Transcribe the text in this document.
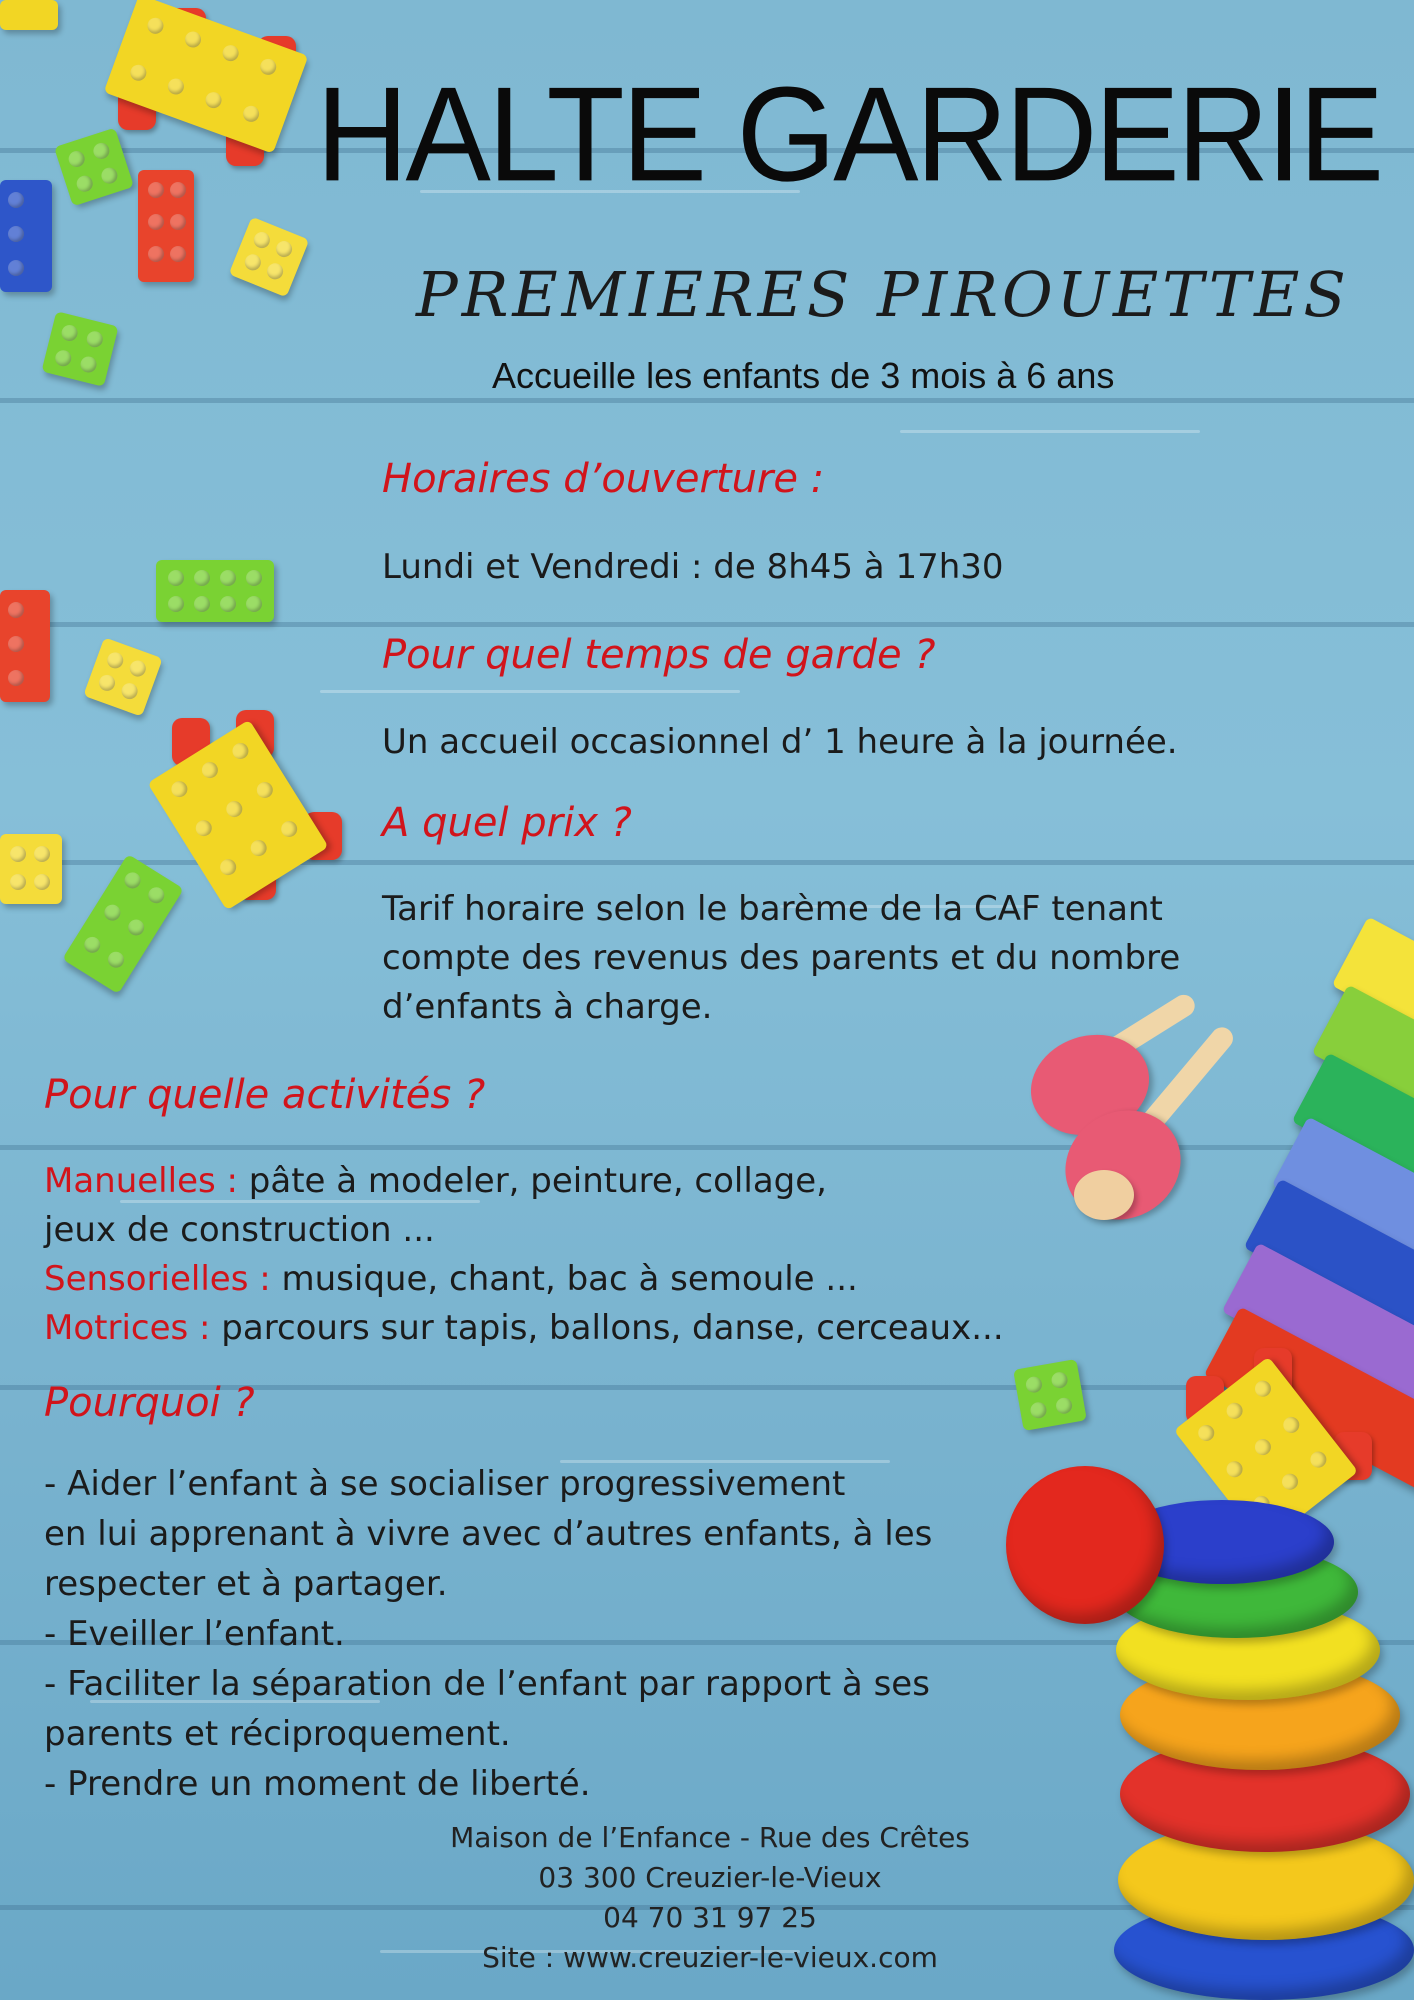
HALTE GARDERIE
PREMIERES PIROUETTES

Accueille les enfants de 3 mois à 6 ans

Horaires d’ouverture :
Lundi et Vendredi : de 8h45 à 17h30
Pour quel temps de garde ?
Un accueil occasionnel d’ 1 heure à la journée.
A quel prix ?
Tarif horaire selon le barème de la CAF tenant
compte des revenus des parents et du nombre
d’enfants à charge.
Pour quelle activités ?
Manuelles : pâte à modeler, peinture, collage,
jeux de construction ...
Sensorielles : musique, chant, bac à semoule ...
Motrices : parcours sur tapis, ballons, danse, cerceaux...
Pourquoi ?
- Aider l’enfant à se socialiser progressivement
en lui apprenant à vivre avec d’autres enfants, à les
respecter et à partager.
- Eveiller l’enfant.
- Faciliter la séparation de l’enfant par rapport à ses
parents et réciproquement.
- Prendre un moment de liberté.
Maison de l’Enfance - Rue des Crêtes
03 300 Creuzier-le-Vieux
04 70 31 97 25
Site : www.creuzier-le-vieux.com
